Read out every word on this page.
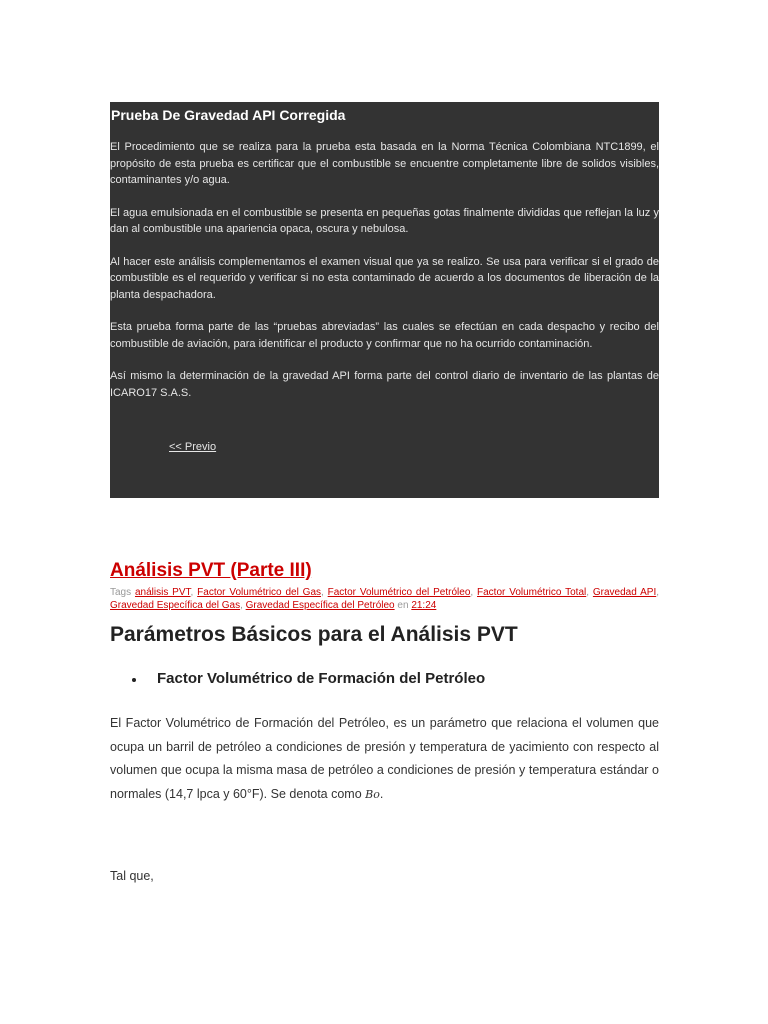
Prueba De Gravedad API Corregida

El Procedimiento que se realiza para la prueba esta basada en la Norma Técnica Colombiana NTC1899, el propósito de esta prueba es certificar que el combustible se encuentre completamente libre de solidos visibles, contaminantes y/o agua.

El agua emulsionada en el combustible se presenta en pequeñas gotas finalmente divididas que reflejan la luz y dan al combustible una apariencia opaca, oscura y nebulosa.

Al hacer este análisis complementamos el examen visual que ya se realizo. Se usa para verificar si el grado de combustible es el requerido y verificar si no esta contaminado de acuerdo a los documentos de liberación de la planta despachadora.

Esta prueba forma parte de las “pruebas abreviadas” las cuales se efectúan en cada despacho y recibo del combustible de aviación, para identificar el producto y confirmar que no ha ocurrido contaminación.

Así mismo la determinación de la gravedad API forma parte del control diario de inventario de las plantas de ICARO17 S.A.S.

<< Previo
Análisis PVT (Parte III)
Tags análisis PVT, Factor Volumétrico del Gas, Factor Volumétrico del Petróleo, Factor Volumétrico Total, Gravedad API, Gravedad Específica del Gas, Gravedad Específica del Petróleo en 21:24
Parámetros Básicos para el Análisis PVT
Factor Volumétrico de Formación del Petróleo

El Factor Volumétrico de Formación del Petróleo, es un parámetro que relaciona el volumen que ocupa un barril de petróleo a condiciones de presión y temperatura de yacimiento con respecto al volumen que ocupa la misma masa de petróleo a condiciones de presión y temperatura estándar o normales (14,7 lpca y 60°F). Se denota como Bo.

Tal que,
